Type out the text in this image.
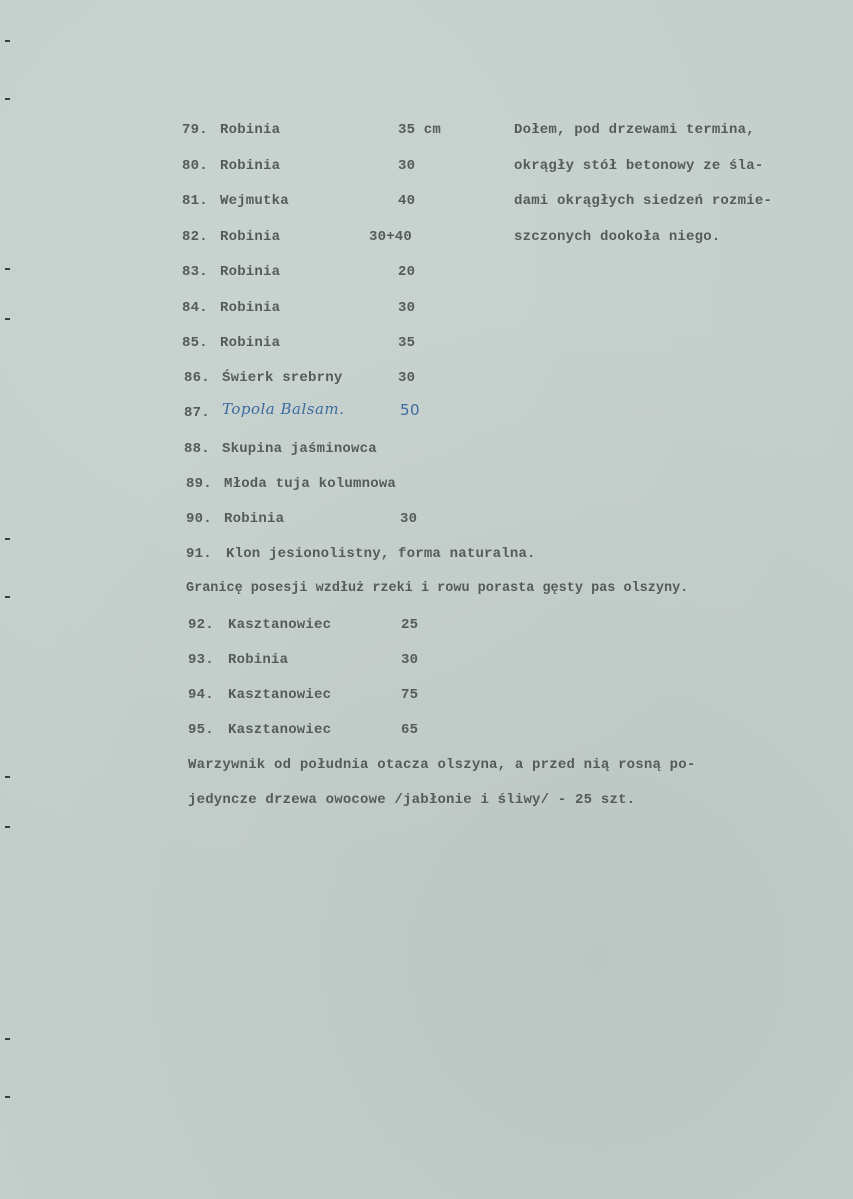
79. Robinia	35 cm
80. Robinia	30
81. Wejmutka	40
82. Robinia	30+40
83. Robinia	20
84. Robinia	30
85. Robinia	35
86. Świerk srebrny	30
87. Topola Balsam.	50
88. Skupina jaśminowca
89. Młoda tuja kolumnowa
90. Robinia	30
91. Klon jesionolistny, forma naturalna.
Dołem, pod drzewami termina,
okrągły stół betonowy ze śla-
dami okrągłych siedzeń rozmie-
szczonych dookoła niego.
Granicę posesji wzdłuż rzeki i rowu porasta gęsty pas olszyny.
92. Kasztanowiec	25
93. Robinia	30
94. Kasztanowiec	75
95. Kasztanowiec	65
Warzywnik od południa otacza olszyna, a przed nią rosną po-
jedyncze drzewa owocowe /jabłonie i śliwy/ - 25 szt.
